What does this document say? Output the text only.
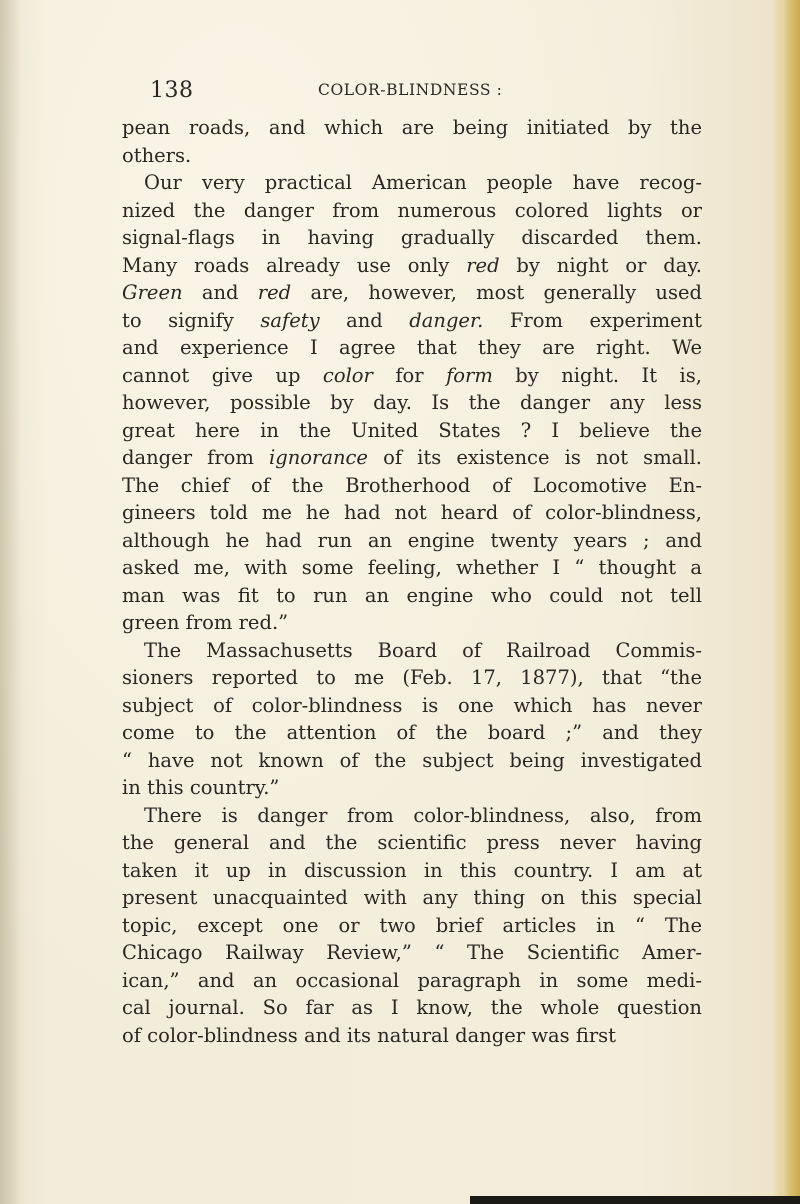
138	COLOR-BLINDNESS :
pean roads, and which are being initiated by the
others.
Our very practical American people have recog-
nized the danger from numerous colored lights or
signal-flags in having gradually discarded them.
Many roads already use only red by night or day.
Green and red are, however, most generally used
to signify safety and danger. From experiment
and experience I agree that they are right. We
cannot give up color for form by night. It is,
however, possible by day. Is the danger any less
great here in the United States ? I believe the
danger from ignorance of its existence is not small.
The chief of the Brotherhood of Locomotive En-
gineers told me he had not heard of color-blindness,
although he had run an engine twenty years ; and
asked me, with some feeling, whether I “ thought a
man was fit to run an engine who could not tell
green from red.”
The Massachusetts Board of Railroad Commis-
sioners reported to me (Feb. 17, 1877), that “the
subject of color-blindness is one which has never
come to the attention of the board ;” and they
“ have not known of the subject being investigated
in this country.”
There is danger from color-blindness, also, from
the general and the scientific press never having
taken it up in discussion in this country. I am at
present unacquainted with any thing on this special
topic, except one or two brief articles in “ The
Chicago Railway Review,” “ The Scientific Amer-
ican,” and an occasional paragraph in some medi-
cal journal. So far as I know, the whole question
of color-blindness and its natural danger was first
